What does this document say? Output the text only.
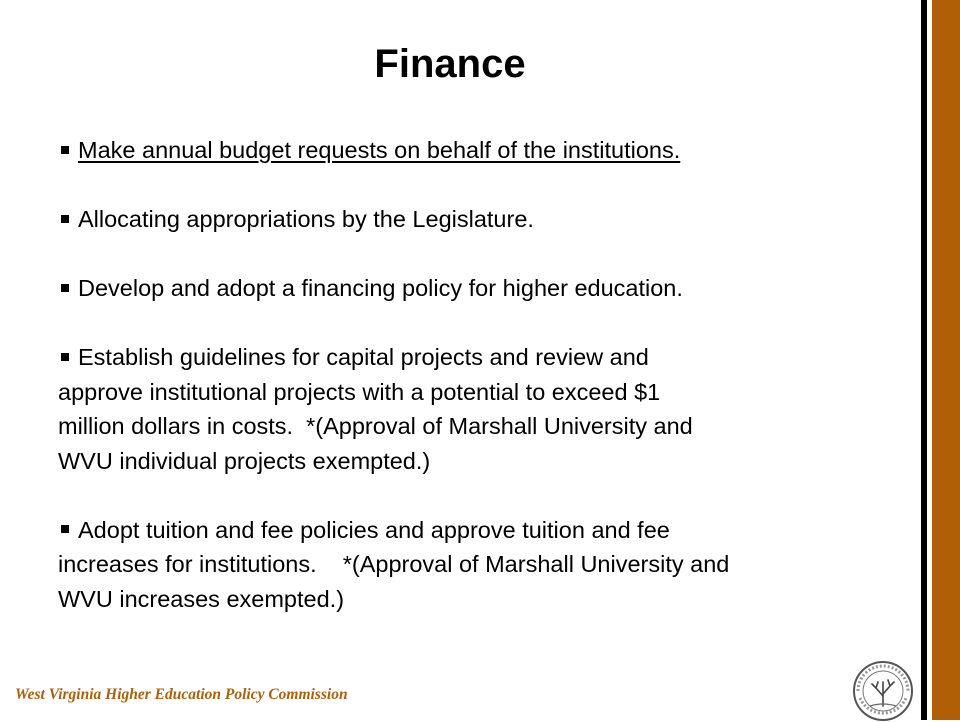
Finance

Make annual budget requests on behalf of the institutions.

Allocating appropriations by the Legislature.

Develop and adopt a financing policy for higher education.

Establish guidelines for capital projects and review and
approve institutional projects with a potential to exceed $1
million dollars in costs.  *(Approval of Marshall University and
WVU individual projects exempted.)

Adopt tuition and fee policies and approve tuition and fee
increases for institutions.    *(Approval of Marshall University and
WVU increases exempted.)

West Virginia Higher Education Policy Commission
